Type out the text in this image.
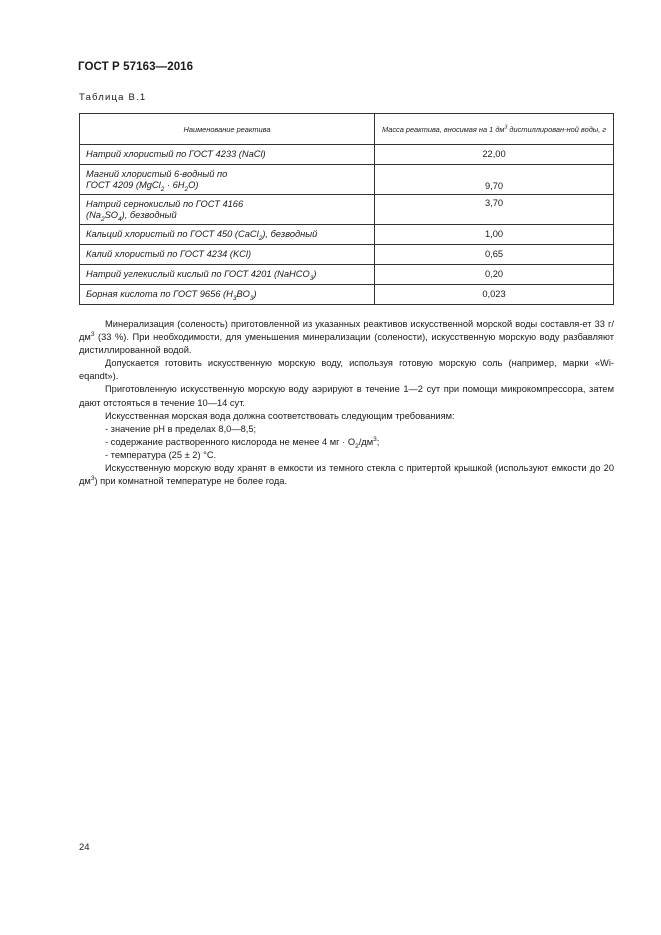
ГОСТ Р 57163—2016
Таблица В.1
Наименование реактива	Масса реактива, вносимая на 1 $дм^3$ дистиллирован-ной воды, г
Натрий хлористый по ГОСТ 4233 (NaCl)	22,00
Магний хлористый 6-водный по
ГОСТ 4209 (MgCl$_2$ · $6H_2O$)	9,70
Натрий сернокислый по ГОСТ 4166
$(Na_2SO_4)$, безводный	3,70
Кальций хлористый по ГОСТ 450 (CaCl$_2$), безводный	1,00
Калий хлористый по ГОСТ 4234 (KCl)	0,65
Натрий углекислый кислый по ГОСТ 4201 (NaHCO$_3$)	0,20
Борная кислота по ГОСТ 9656 $(H_3BO_3)$	0,023

Минерализация (соленость) приготовленной из указанных реактивов искусственной морской воды составля-ет 33 $г/дм^3$ (33 %). При необходимости, для уменьшения минерализации (солености), искусственную морскую воду разбавляют дистиллированной водой.

Допускается готовить искусственную морскую воду, используя готовую морскую соль (например, марки «Wi-eqandt»).

Приготовленную искусственную морскую воду аэрируют в течение 1—2 сут при помощи микрокомпрессора, затем дают отстояться в течение 10—14 сут.

Искусственная морская вода должна соответствовать следующим требованиям:

- значение pH в пределах 8,0—8,5;

- содержание растворенного кислорода не менее 4 мг · $O_2/дм^3$;

- температура (25 ± 2) °С.

Искусственную морскую воду хранят в емкости из темного стекла с притертой крышкой (используют емкости до 20 $дм^3$) при комнатной температуре не более года.

24
